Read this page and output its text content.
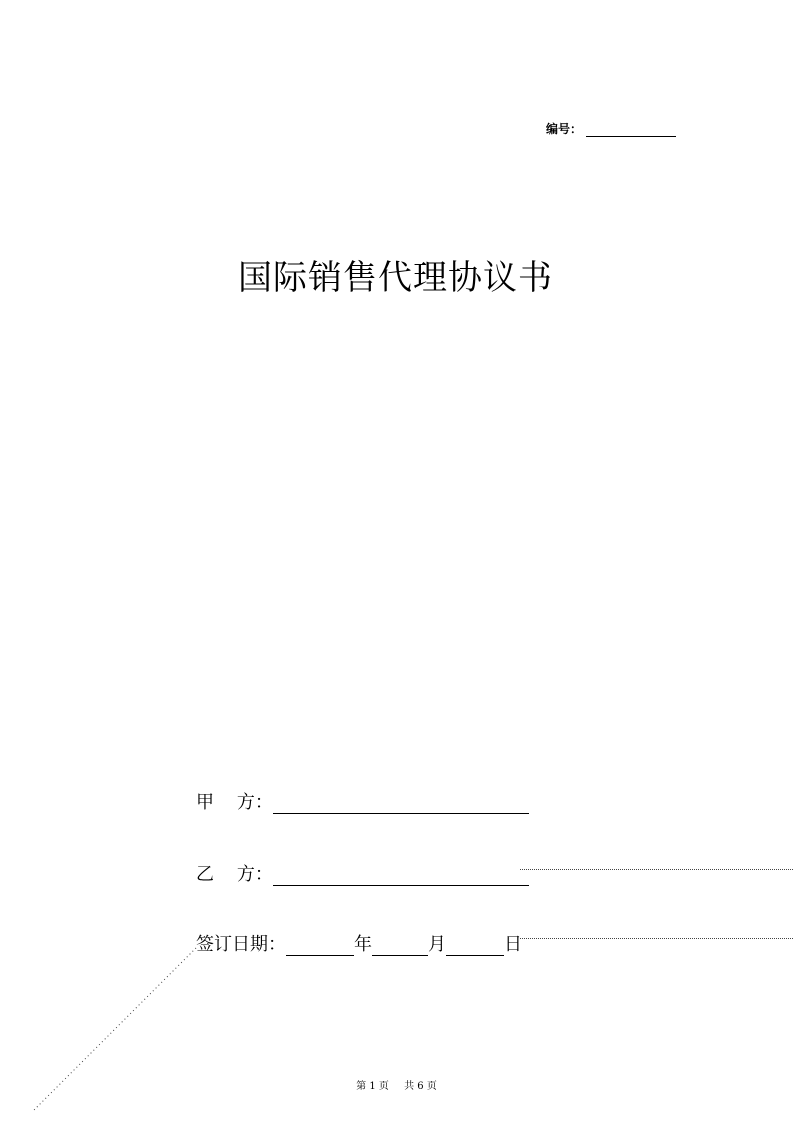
编号：
国际销售代理协议书
甲    方：
乙    方：
签订日期：	年	月	日
第 1 页 共 6 页
